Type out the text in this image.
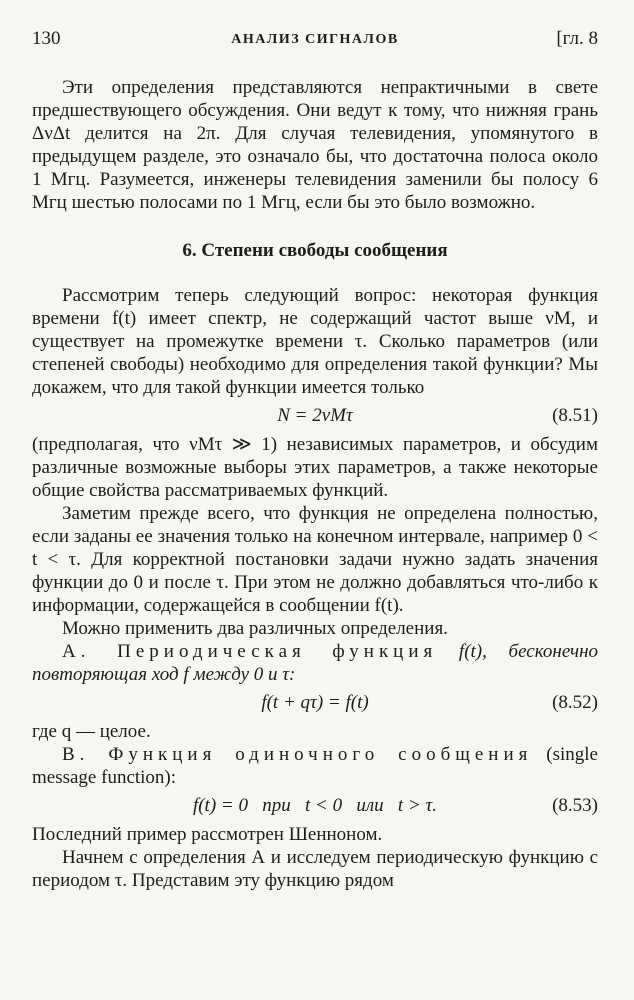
130	АНАЛИЗ СИГНАЛОВ	[гл. 8

Эти определения представляются непрактичными в свете предшествующего обсуждения. Они ведут к тому, что нижняя грань ΔνΔt делится на 2π. Для случая телевидения, упомянутого в предыдущем разделе, это означало бы, что достаточна полоса около 1 Мгц. Разумеется, инженеры телевидения заменили бы полосу 6 Мгц шестью полосами по 1 Мгц, если бы это было возможно.

6. Степени свободы сообщения

Рассмотрим теперь следующий вопрос: некоторая функция времени f(t) имеет спектр, не содержащий частот выше νM, и существует на промежутке времени τ. Сколько параметров (или степеней свободы) необходимо для определения такой функции? Мы докажем, что для такой функции имеется только

N = 2νMτ	(8.51)

(предполагая, что νMτ ≫ 1) независимых параметров, и обсудим различные возможные выборы этих параметров, а также некоторые общие свойства рассматриваемых функций.

Заметим прежде всего, что функция не определена полностью, если заданы ее значения только на конечном интервале, например 0 < t < τ. Для корректной постановки задачи нужно задать значения функции до 0 и после τ. При этом не должно добавляться что-либо к информации, содержащейся в сообщении f(t).

Можно применить два различных определения.

А. Периодическая функция f(t), бесконечно повторяющая ход f между 0 и τ:

f(t + qτ) = f(t)	(8.52)

где q — целое.

В. Функция одиночного сообщения (single message function):

f(t) = 0   при   t < 0   или   t > τ.	(8.53)

Последний пример рассмотрен Шенноном.

Начнем с определения А и исследуем периодическую функцию с периодом τ. Представим эту функцию рядом
